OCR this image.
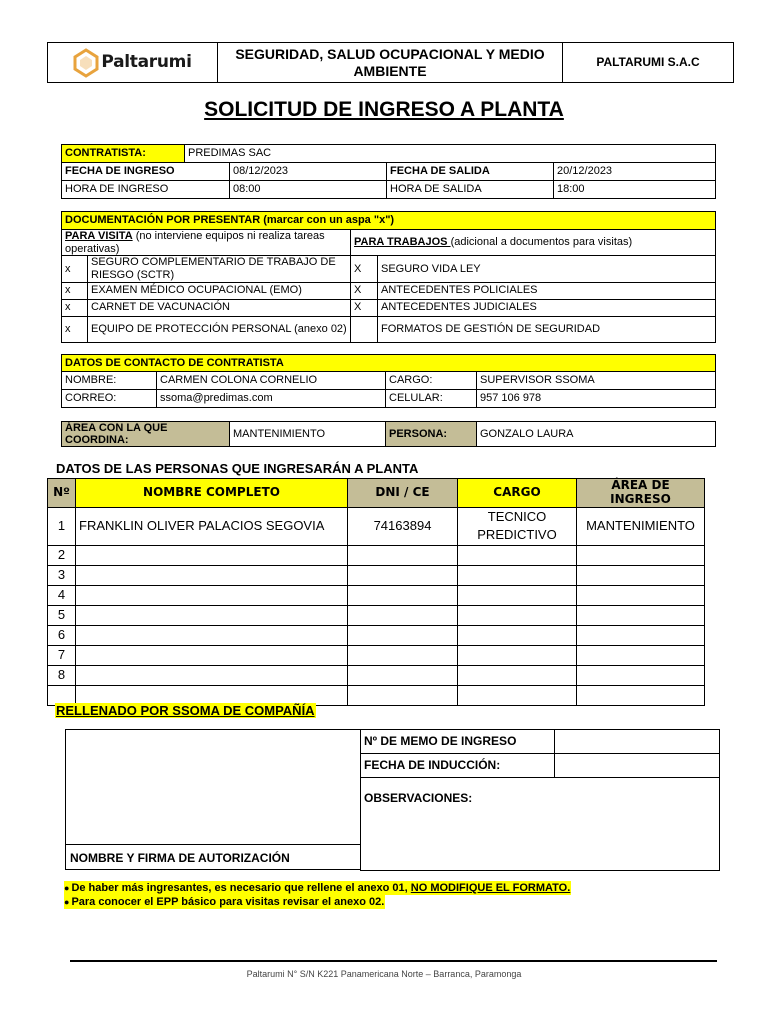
Paltarumi	SEGURIDAD, SALUD OCUPACIONAL Y MEDIO AMBIENTE	PALTARUMI S.A.C
SOLICITUD DE INGRESO A PLANTA
CONTRATISTA:	PREDIMAS SAC			
FECHA DE INGRESO		08/12/2023	FECHA DE SALIDA	20/12/2023
HORA DE INGRESO		08:00	HORA DE SALIDA	18:00
DOCUMENTACIÓN POR PRESENTAR (marcar con un aspa "x")			
PARA VISITA (no interviene equipos ni realiza tareas operativas)		PARA TRABAJOS (adicional a documentos para visitas)	
x	SEGURO COMPLEMENTARIO DE TRABAJO DE RIESGO (SCTR)	X	SEGURO VIDA LEY
x	EXAMEN MÉDICO OCUPACIONAL (EMO)	X	ANTECEDENTES POLICIALES
x	CARNET DE VACUNACIÓN	X	ANTECEDENTES JUDICIALES
x	EQUIPO DE PROTECCIÓN PERSONAL (anexo 02)		FORMATOS DE GESTIÓN DE SEGURIDAD
DATOS DE CONTACTO DE CONTRATISTA			
NOMBRE:	CARMEN COLONA CORNELIO	CARGO:	SUPERVISOR SSOMA
CORREO:	ssoma@predimas.com	CELULAR:	957 106 978
ÁREA CON LA QUE COORDINA:	MANTENIMIENTO	PERSONA:	GONZALO LAURA
DATOS DE LAS PERSONAS QUE INGRESARÁN A PLANTA
Nº	NOMBRE COMPLETO	DNI / CE	CARGO	ÁREA DE INGRESO
1	FRANKLIN OLIVER PALACIOS SEGOVIA	74163894	TECNICO PREDICTIVO	MANTENIMIENTO
2				
3				
4				
5				
6				
7				
8				

RELLENADO POR SSOMA DE COMPAÑÍA
NOMBRE Y FIRMA DE AUTORIZACIÓN
Nº DE MEMO DE INGRESO	
FECHA DE INDUCCIÓN:	
OBSERVACIONES:	
● De haber más ingresantes, es necesario que rellene el anexo 01, NO MODIFIQUE EL FORMATO.
● Para conocer el EPP básico para visitas revisar el anexo 02.
Paltarumi N° S/N K221 Panamericana Norte – Barranca, Paramonga
